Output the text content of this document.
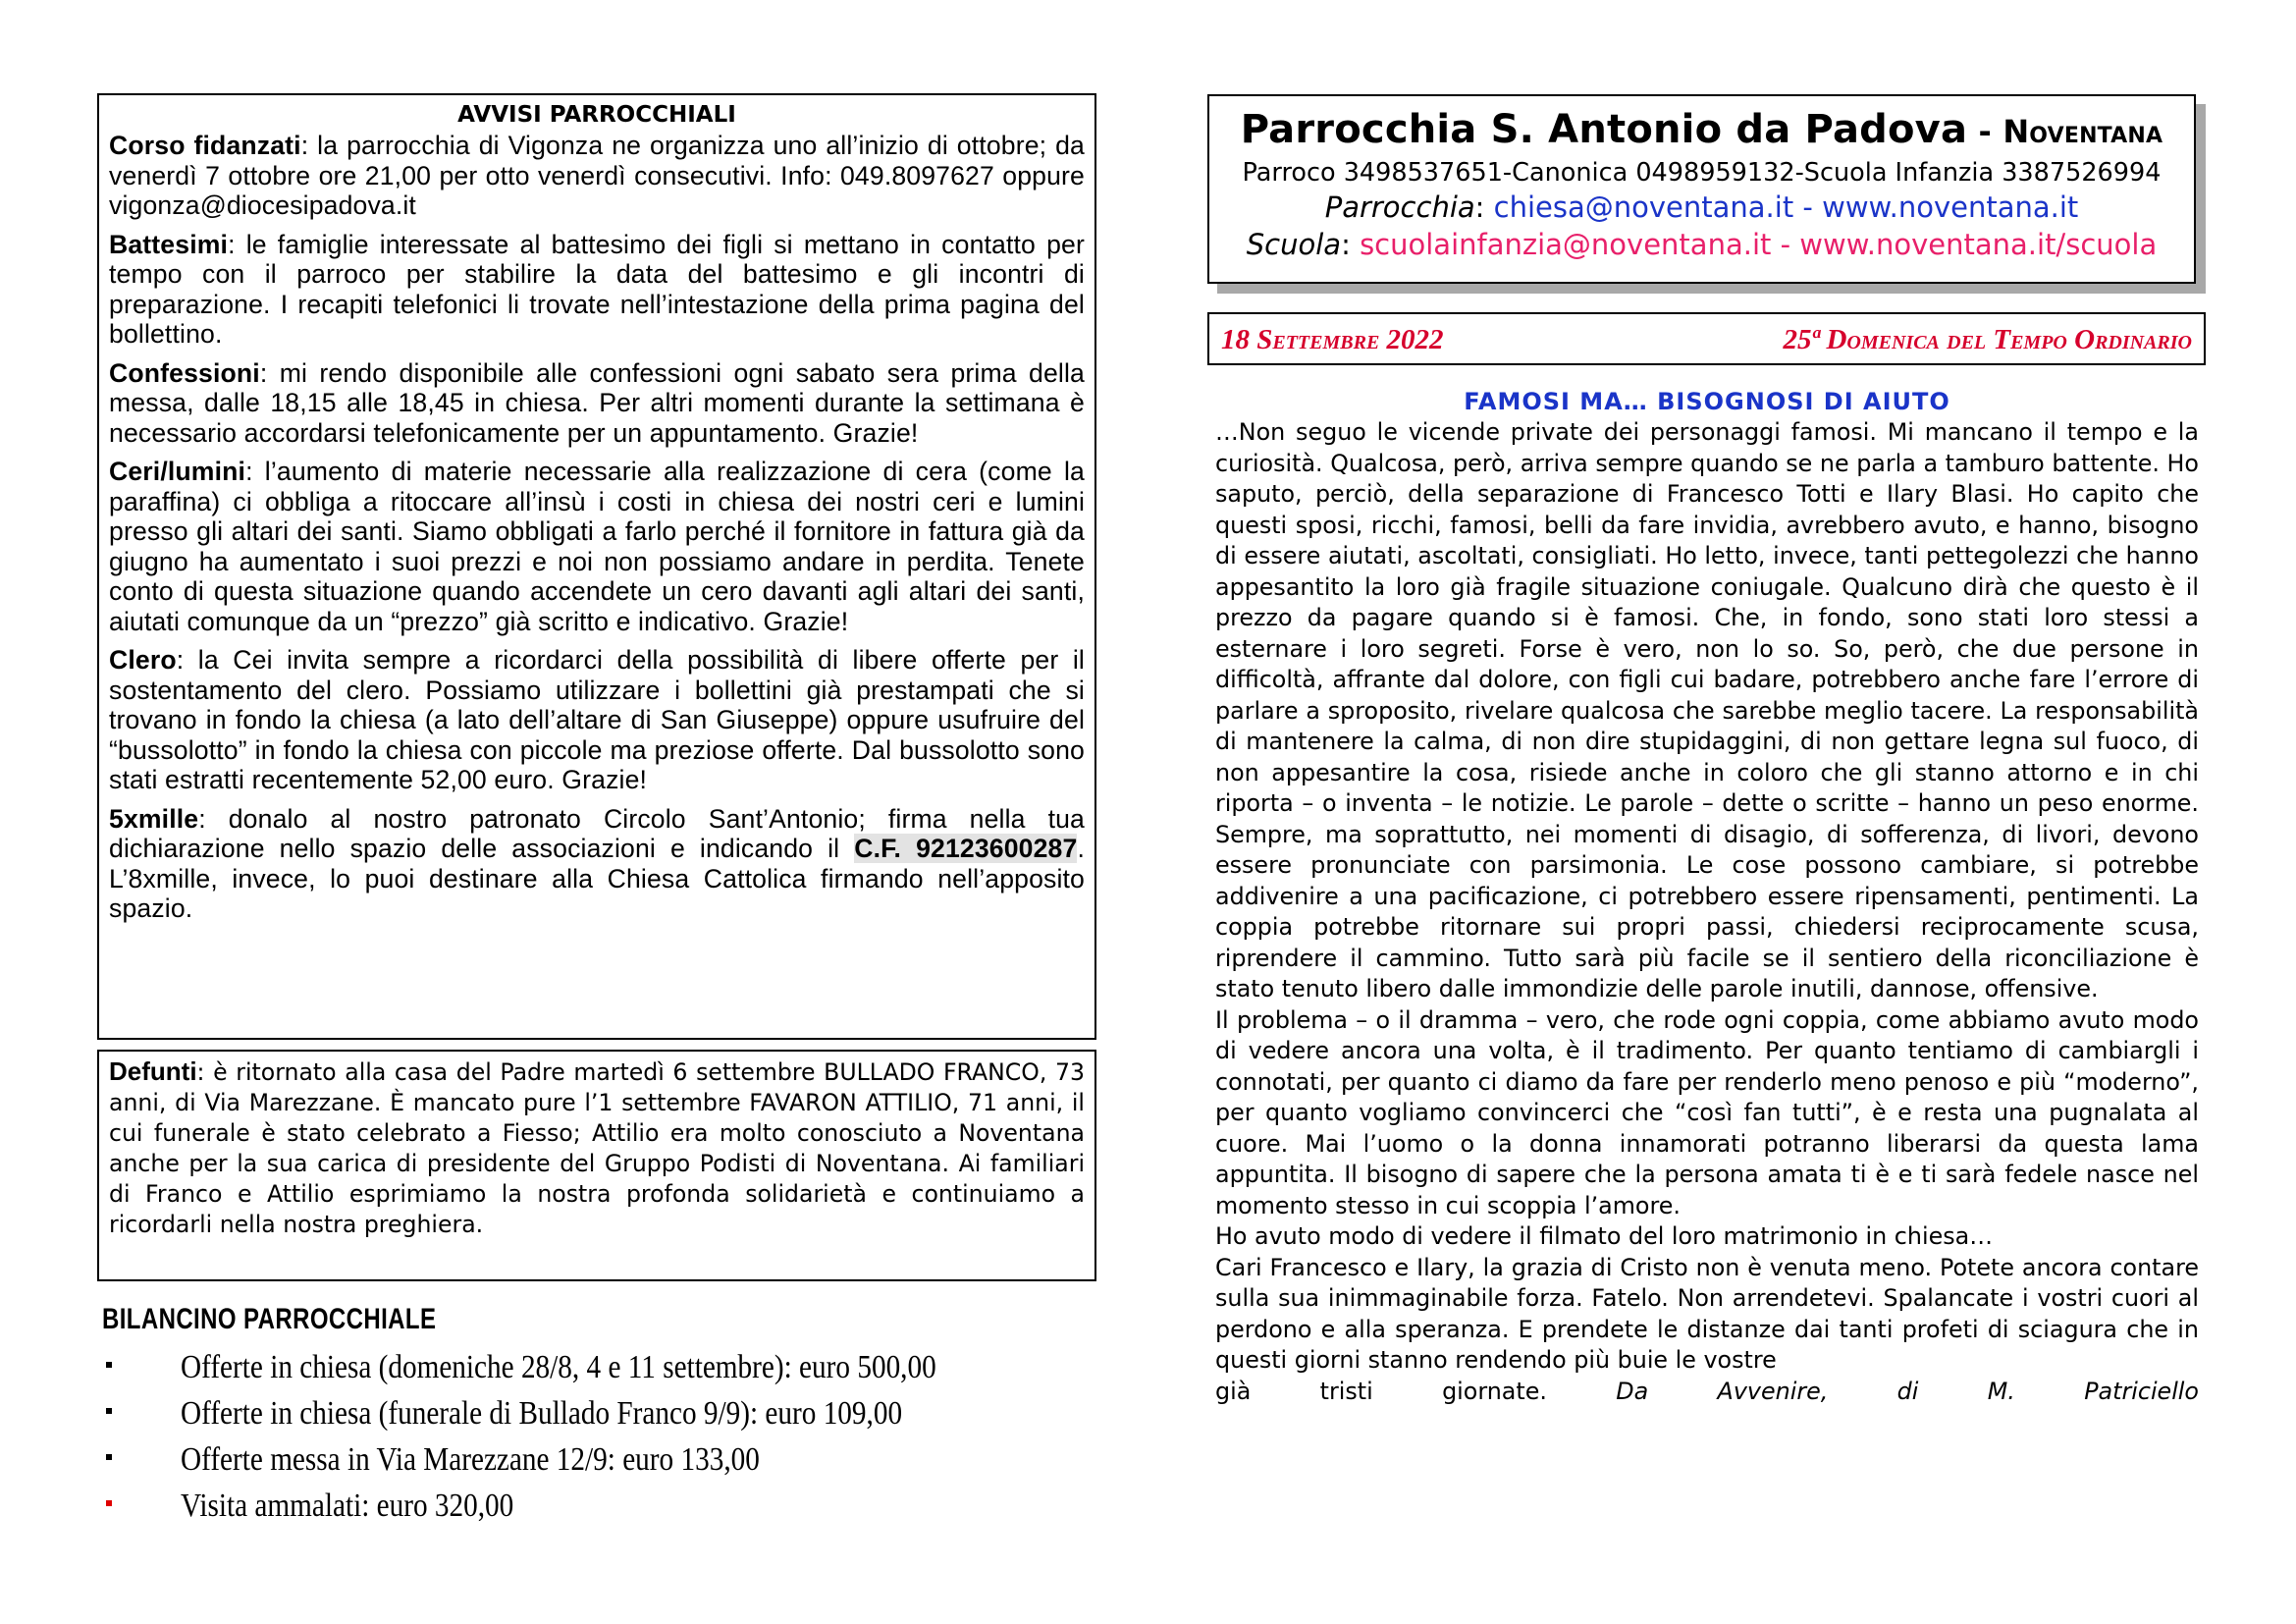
AVVISI PARROCCHIALI

Corso fidanzati: la parrocchia di Vigonza ne organizza uno all’inizio di ottobre; da venerdì 7 ottobre ore 21,00 per otto venerdì consecutivi. Info: 049.8097627 oppure vigonza@diocesipadova.it

Battesimi: le famiglie interessate al battesimo dei figli si mettano in contatto per tempo con il parroco per stabilire la data del battesimo e gli incontri di preparazione. I recapiti telefonici li trovate nell’intestazione della prima pagina del bollettino.

Confessioni: mi rendo disponibile alle confessioni ogni sabato sera prima della messa, dalle 18,15 alle 18,45 in chiesa. Per altri momenti durante la settimana è necessario accordarsi telefonicamente per un appuntamento. Grazie!

Ceri/lumini: l’aumento di materie necessarie alla realizzazione di cera (come la paraffina) ci obbliga a ritoccare all’insù i costi in chiesa dei nostri ceri e lumini presso gli altari dei santi. Siamo obbligati a farlo perché il fornitore in fattura già da giugno ha aumentato i suoi prezzi e noi non possiamo andare in perdita. Tenete conto di questa situazione quando accendete un cero davanti agli altari dei santi, aiutati comunque da un “prezzo” già scritto e indicativo. Grazie!

Clero: la Cei invita sempre a ricordarci della possibilità di libere offerte per il sostentamento del clero. Possiamo utilizzare i bollettini già prestampati che si trovano in fondo la chiesa (a lato dell’altare di San Giuseppe) oppure usufruire del “bussolotto” in fondo la chiesa con piccole ma preziose offerte. Dal bussolotto sono stati estratti recentemente 52,00 euro. Grazie!

5xmille: donalo al nostro patronato Circolo Sant’Antonio; firma nella tua dichiarazione nello spazio delle associazioni e indicando il C.F. 92123600287. L’8xmille, invece, lo puoi destinare alla Chiesa Cattolica firmando nell’apposito spazio.

Defunti: è ritornato alla casa del Padre martedì 6 settembre BULLADO FRANCO, 73 anni, di Via Marezzane. È mancato pure l’1 settembre FAVARON ATTILIO, 71 anni, il cui funerale è stato celebrato a Fiesso; Attilio era molto conosciuto a Noventana anche per la sua carica di presidente del Gruppo Podisti di Noventana. Ai familiari di Franco e Attilio esprimiamo la nostra profonda solidarietà e continuiamo a ricordarli nella nostra preghiera.

BILANCINO PARROCCHIALE
Offerte in chiesa (domeniche 28/8, 4 e 11 settembre): euro 500,00
Offerte in chiesa (funerale di Bullado Franco 9/9): euro 109,00
Offerte messa in Via Marezzane 12/9: euro 133,00
Visita ammalati: euro 320,00
Parrocchia S. Antonio da Padova - Noventana
Parroco 3498537651-Canonica 0498959132-Scuola Infanzia 3387526994
Parrocchia: chiesa@noventana.it - www.noventana.it
Scuola: scuolainfanzia@noventana.it - www.noventana.it/scuola
18 Settembre 2022	25ª Domenica del Tempo Ordinario
FAMOSI MA… BISOGNOSI DI AIUTO

…Non seguo le vicende private dei personaggi famosi. Mi mancano il tempo e la curiosità. Qualcosa, però, arriva sempre quando se ne parla a tamburo battente. Ho saputo, perciò, della separazione di Francesco Totti e Ilary Blasi. Ho capito che questi sposi, ricchi, famosi, belli da fare invidia, avrebbero avuto, e hanno, bisogno di essere aiutati, ascoltati, consigliati. Ho letto, invece, tanti pettegolezzi che hanno appesantito la loro già fragile situazione coniugale. Qualcuno dirà che questo è il prezzo da pagare quando si è famosi. Che, in fondo, sono stati loro stessi a esternare i loro segreti. Forse è vero, non lo so. So, però, che due persone in difficoltà, affrante dal dolore, con figli cui badare, potrebbero anche fare l’errore di parlare a sproposito, rivelare qualcosa che sarebbe meglio tacere. La responsabilità di mantenere la calma, di non dire stupidaggini, di non gettare legna sul fuoco, di non appesantire la cosa, risiede anche in coloro che gli stanno attorno e in chi riporta – o inventa – le notizie. Le parole – dette o scritte – hanno un peso enorme. Sempre, ma soprattutto, nei momenti di disagio, di sofferenza, di livori, devono essere pronunciate con parsimonia. Le cose possono cambiare, si potrebbe addivenire a una pacificazione, ci potrebbero essere ripensamenti, pentimenti. La coppia potrebbe ritornare sui propri passi, chiedersi reciprocamente scusa, riprendere il cammino. Tutto sarà più facile se il sentiero della riconciliazione è stato tenuto libero dalle immondizie delle parole inutili, dannose, offensive.

Il problema – o il dramma – vero, che rode ogni coppia, come abbiamo avuto modo di vedere ancora una volta, è il tradimento. Per quanto tentiamo di cambiargli i connotati, per quanto ci diamo da fare per renderlo meno penoso e più “moderno”, per quanto vogliamo convincerci che “così fan tutti”, è e resta una pugnalata al cuore. Mai l’uomo o la donna innamorati potranno liberarsi da questa lama appuntita. Il bisogno di sapere che la persona amata ti è e ti sarà fedele nasce nel momento stesso in cui scoppia l’amore.

Ho avuto modo di vedere il filmato del loro matrimonio in chiesa…

Cari Francesco e Ilary, la grazia di Cristo non è venuta meno. Potete ancora contare sulla sua inimmaginabile forza. Fatelo. Non arrendetevi. Spalancate i vostri cuori al perdono e alla speranza. E prendete le distanze dai tanti profeti di sciagura che in questi giorni stanno rendendo più buie le vostre

già tristi giornate.	Da Avvenire, di M. Patriciello
